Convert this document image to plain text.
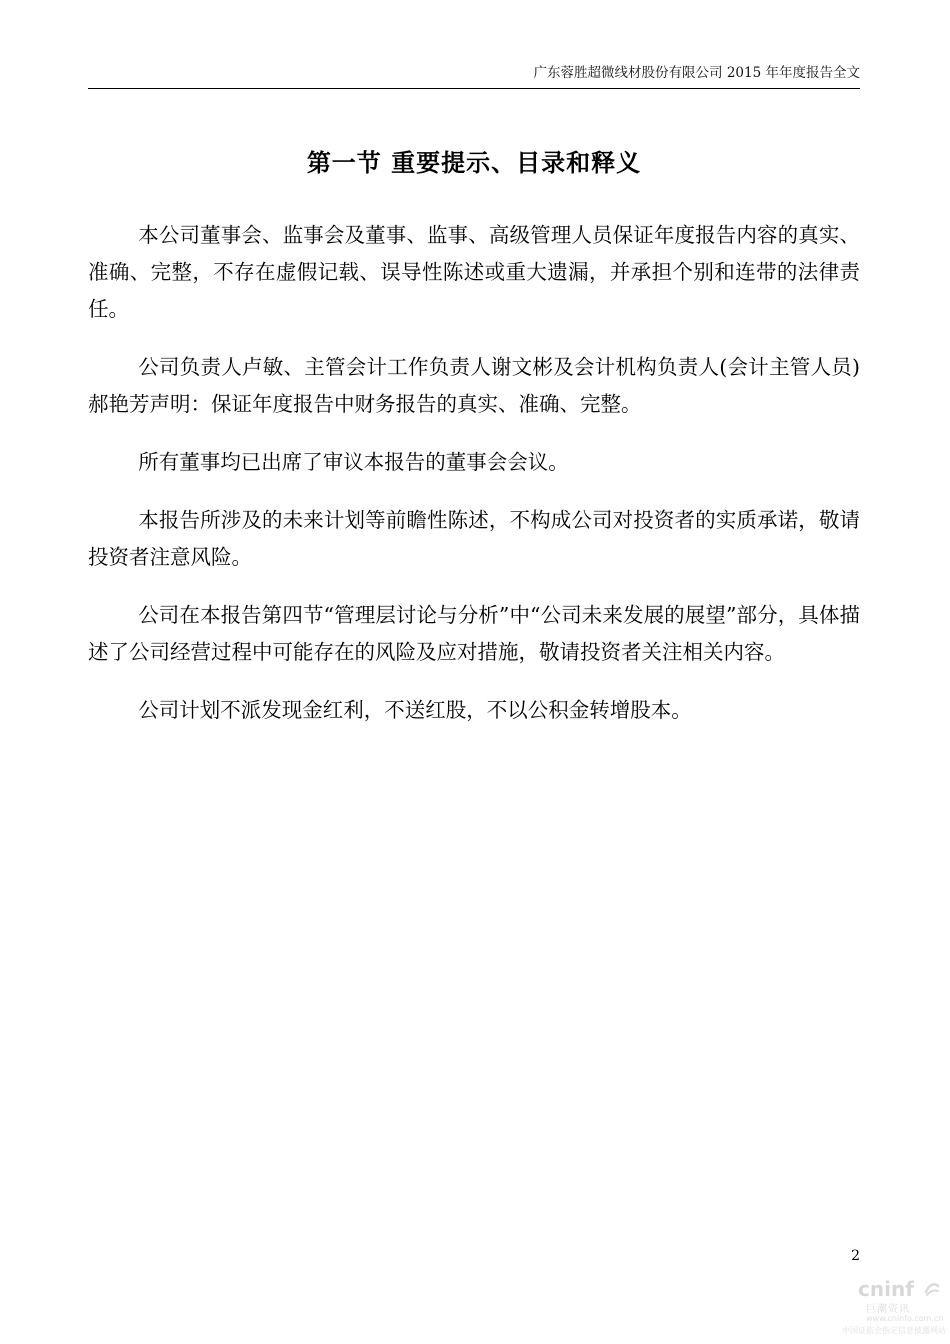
广东蓉胜超微线材股份有限公司 2015 年年度报告全文
第一节 重要提示、目录和释义

本公司董事会、监事会及董事、监事、高级管理人员保证年度报告内容的真实、准确、完整，不存在虚假记载、误导性陈述或重大遗漏，并承担个别和连带的法律责任。

公司负责人卢敏、主管会计工作负责人谢文彬及会计机构负责人(会计主管人员)郝艳芳声明：保证年度报告中财务报告的真实、准确、完整。

所有董事均已出席了审议本报告的董事会会议。

本报告所涉及的未来计划等前瞻性陈述，不构成公司对投资者的实质承诺，敬请投资者注意风险。

公司在本报告第四节“管理层讨论与分析”中“公司未来发展的展望”部分，具体描述了公司经营过程中可能存在的风险及应对措施，敬请投资者关注相关内容。

公司计划不派发现金红利，不送红股，不以公积金转增股本。

2
cninf
巨潮资讯
www.cninfo.com.cn
中国证监会指定信息披露网站
